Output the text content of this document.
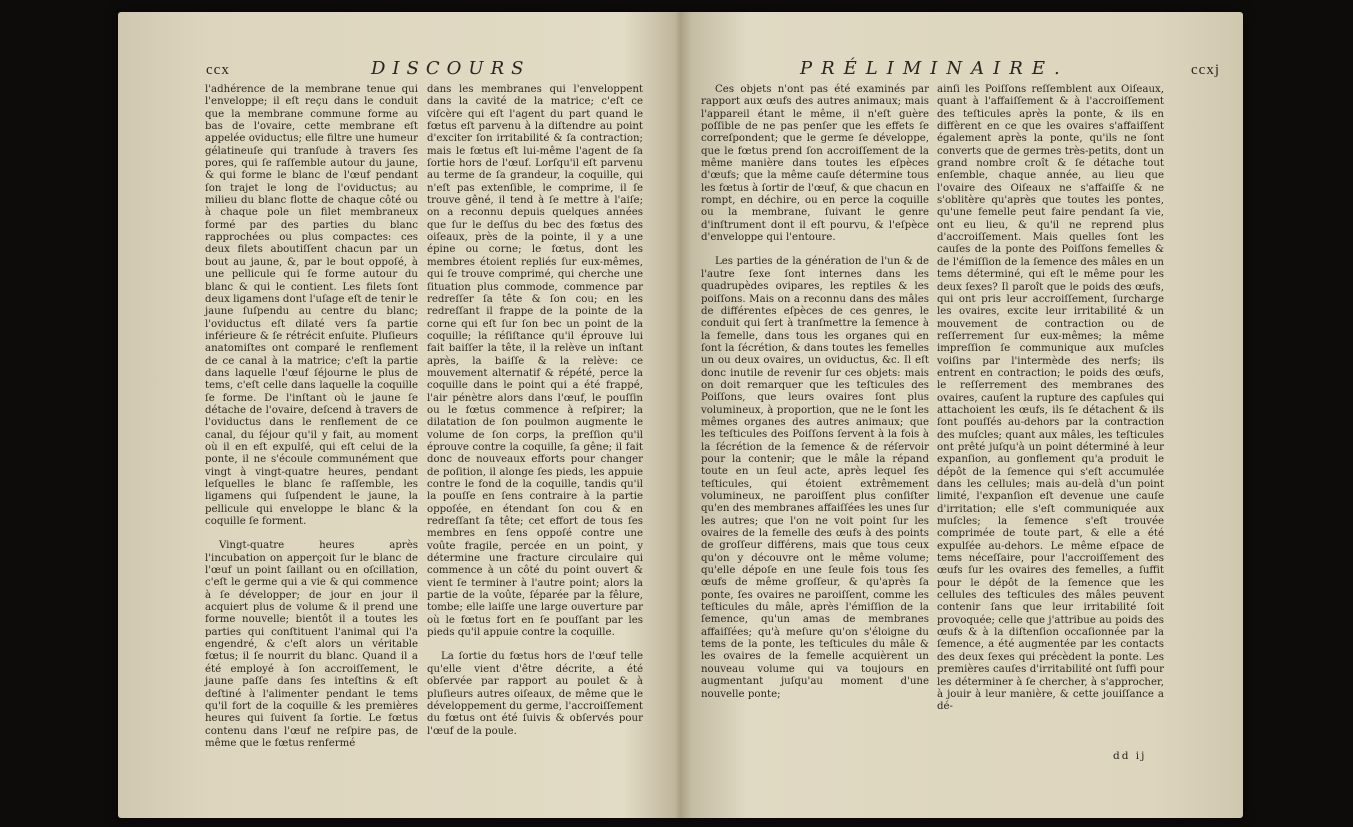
ccx	DISCOURS

l'adhérence de la membrane tenue qui l'enveloppe; il eſt reçu dans le conduit que la membrane commune forme au bas de l'ovaire, cette membrane eſt appelée oviductus; elle filtre une humeur gélatineuſe qui tranſude à travers ſes pores, qui ſe raſſemble autour du jaune, & qui forme le blanc de l'œuf pendant ſon trajet le long de l'oviductus; au milieu du blanc flotte de chaque côté ou à chaque pole un filet membraneux formé par des parties du blanc rapprochées ou plus compactes: ces deux filets aboutiſſent chacun par un bout au jaune, &, par le bout oppoſé, à une pellicule qui ſe forme autour du blanc & qui le contient. Les filets ſont deux ligamens dont l'uſage eſt de tenir le jaune ſuſpendu au centre du blanc; l'oviductus eſt dilaté vers ſa partie inférieure & ſe rétrécit enſuite. Pluſieurs anatomiſtes ont comparé le renflement de ce canal à la matrice; c'eſt la partie dans laquelle l'œuf ſéjourne le plus de tems, c'eſt celle dans laquelle la coquille ſe forme. De l'inſtant où le jaune ſe détache de l'ovaire, deſcend à travers de l'oviductus dans le renflement de ce canal, du ſéjour qu'il y fait, au moment où il en eſt expulſé, qui eſt celui de la ponte, il ne s'écoule communément que vingt à vingt-quatre heures, pendant leſquelles le blanc ſe raſſemble, les ligamens qui ſuſpendent le jaune, la pellicule qui enveloppe le blanc & la coquille ſe forment.

Vingt-quatre heures après l'incubation on apperçoit ſur le blanc de l'œuf un point ſaillant ou en oſcillation, c'eſt le germe qui a vie & qui commence à ſe développer; de jour en jour il acquiert plus de volume & il prend une forme nouvelle; bientôt il a toutes les parties qui conſtituent l'animal qui l'a engendré, & c'eſt alors un véritable fœtus; il ſe nourrit du blanc. Quand il a été employé à ſon accroiſſement, le jaune paſſe dans ſes inteſtins & eſt deſtiné à l'alimenter pendant le tems qu'il fort de la coquille & les premières heures qui ſuivent ſa ſortie. Le fœtus contenu dans l'œuf ne reſpire pas, de même que le fœtus renfermé

dans les membranes qui l'enveloppent dans la cavité de la matrice; c'eſt ce viſcère qui eſt l'agent du part quand le fœtus eſt parvenu à la diſtendre au point d'exciter ſon irritabilité & ſa contraction; mais le fœtus eſt lui-même l'agent de ſa ſortie hors de l'œuf. Lorſqu'il eſt parvenu au terme de ſa grandeur, la coquille, qui n'eſt pas extenſible, le comprime, il ſe trouve gêné, il tend à ſe mettre à l'aiſe; on a reconnu depuis quelques années que ſur le deſſus du bec des fœtus des oiſeaux, près de la pointe, il y a une épine ou corne; le fœtus, dont les membres étoient repliés ſur eux-mêmes, qui ſe trouve comprimé, qui cherche une ſituation plus commode, commence par redreſſer ſa tête & ſon cou; en les redreſſant il frappe de la pointe de la corne qui eſt ſur ſon bec un point de la coquille; la réſiſtance qu'il éprouve lui fait baiſſer la tête, il la relève un inſtant après, la baiſſe & la relève: ce mouvement alternatif & répété, perce la coquille dans le point qui a été frappé, l'air pénètre alors dans l'œuf, le pouſſin ou le fœtus commence à reſpirer; la dilatation de ſon poulmon augmente le volume de ſon corps, la preſſion qu'il éprouve contre la coquille, ſa gêne; il fait donc de nouveaux efforts pour changer de poſition, il alonge ſes pieds, les appuie contre le fond de la coquille, tandis qu'il la pouſſe en ſens contraire à la partie oppoſée, en étendant ſon cou & en redreſſant ſa tête; cet effort de tous ſes membres en ſens oppoſé contre une voûte fragile, percée en un point, y détermine une fracture circulaire qui commence à un côté du point ouvert & vient ſe terminer à l'autre point; alors la partie de la voûte, ſéparée par la fêlure, tombe; elle laiſſe une large ouverture par où le fœtus fort en ſe pouſſant par les pieds qu'il appuie contre la coquille.

La ſortie du fœtus hors de l'œuf telle qu'elle vient d'être décrite, a été obſervée par rapport au poulet & à pluſieurs autres oiſeaux, de même que le développement du germe, l'accroiſſement du fœtus ont été ſuivis & obſervés pour l'œuf de la poule.

PRÉLIMINAIRE.	ccxj

Ces objets n'ont pas été examinés par rapport aux œufs des autres animaux; mais l'appareil étant le même, il n'eſt guère poſſible de ne pas penſer que les effets ſe correſpondent; que le germe ſe développe, que le fœtus prend ſon accroiſſement de la même manière dans toutes les eſpèces d'œufs; que la même cauſe détermine tous les fœtus à ſortir de l'œuf, & que chacun en rompt, en déchire, ou en perce la coquille ou la membrane, ſuivant le genre d'inſtrument dont il eſt pourvu, & l'eſpèce d'enveloppe qui l'entoure.

Les parties de la génération de l'un & de l'autre ſexe ſont internes dans les quadrupèdes ovipares, les reptiles & les poiſſons. Mais on a reconnu dans des mâles de différentes eſpèces de ces genres, le conduit qui ſert à tranſmettre la ſemence à la femelle, dans tous les organes qui en ſont la ſécrétion, & dans toutes les femelles un ou deux ovaires, un oviductus, &c. Il eſt donc inutile de revenir ſur ces objets: mais on doit remarquer que les teſticules des Poiſſons, que leurs ovaires ſont plus volumineux, à proportion, que ne le ſont les mêmes organes des autres animaux; que les teſticules des Poiſſons ſervent à la fois à la ſécrétion de la ſemence & de réſervoir pour la contenir; que le mâle la répand toute en un ſeul acte, après lequel ſes teſticules, qui étoient extrêmement volumineux, ne paroiſſent plus conſiſter qu'en des membranes affaiſſées les unes ſur les autres; que l'on ne voit point ſur les ovaires de la femelle des œufs à des points de groſſeur différens, mais que tous ceux qu'on y découvre ont le même volume; qu'elle dépoſe en une ſeule fois tous ſes œufs de même groſſeur, & qu'après ſa ponte, ſes ovaires ne paroiſſent, comme les teſticules du mâle, après l'émiſſion de la ſemence, qu'un amas de membranes affaiſſées; qu'à meſure qu'on s'éloigne du tems de la ponte, les teſticules du mâle & les ovaires de la femelle acquièrent un nouveau volume qui va toujours en augmentant juſqu'au moment d'une nouvelle ponte;

ainſi les Poiſſons reſſemblent aux Oiſeaux, quant à l'affaiſſement & à l'accroiſſement des teſticules après la ponte, & ils en diffèrent en ce que les ovaires s'affaiſſent également après la ponte, qu'ils ne ſont converts que de germes très-petits, dont un grand nombre croît & ſe détache tout enſemble, chaque année, au lieu que l'ovaire des Oiſeaux ne s'affaiſſe & ne s'oblitère qu'après que toutes les pontes, qu'une femelle peut faire pendant ſa vie, ont eu lieu, & qu'il ne reprend plus d'accroiſſement. Mais quelles ſont les cauſes de la ponte des Poiſſons femelles & de l'émiſſion de la ſemence des mâles en un tems déterminé, qui eſt le même pour les deux ſexes? Il paroît que le poids des œufs, qui ont pris leur accroiſſement, ſurcharge les ovaires, excite leur irritabilité & un mouvement de contraction ou de reſſerrement ſur eux-mêmes; la même impreſſion ſe communique aux muſcles voiſins par l'intermède des nerfs; ils entrent en contraction; le poids des œufs, le reſſerrement des membranes des ovaires, cauſent la rupture des capſules qui attachoient les œufs, ils ſe détachent & ils ſont pouſſés au-dehors par la contraction des muſcles; quant aux mâles, les teſticules ont prêté juſqu'à un point déterminé à leur expanſion, au gonflement qu'a produit le dépôt de la ſemence qui s'eſt accumulée dans les cellules; mais au-delà d'un point limité, l'expanſion eſt devenue une cauſe d'irritation; elle s'eſt communiquée aux muſcles; la ſemence s'eſt trouvée comprimée de toute part, & elle a été expulſée au-dehors. Le même eſpace de tems néceſſaire, pour l'accroiſſement des œufs ſur les ovaires des femelles, a ſuffit pour le dépôt de la ſemence que les cellules des teſticules des mâles peuvent contenir ſans que leur irritabilité ſoit provoquée; celle que j'attribue au poids des œufs & à la diſtenſion occaſionnée par la ſemence, a été augmentée par les contacts des deux ſexes qui précèdent la ponte. Les premières cauſes d'irritabilité ont ſuffi pour les déterminer à ſe chercher, à s'approcher, à jouir à leur manière, & cette jouiſſance a dé-

dd ij
